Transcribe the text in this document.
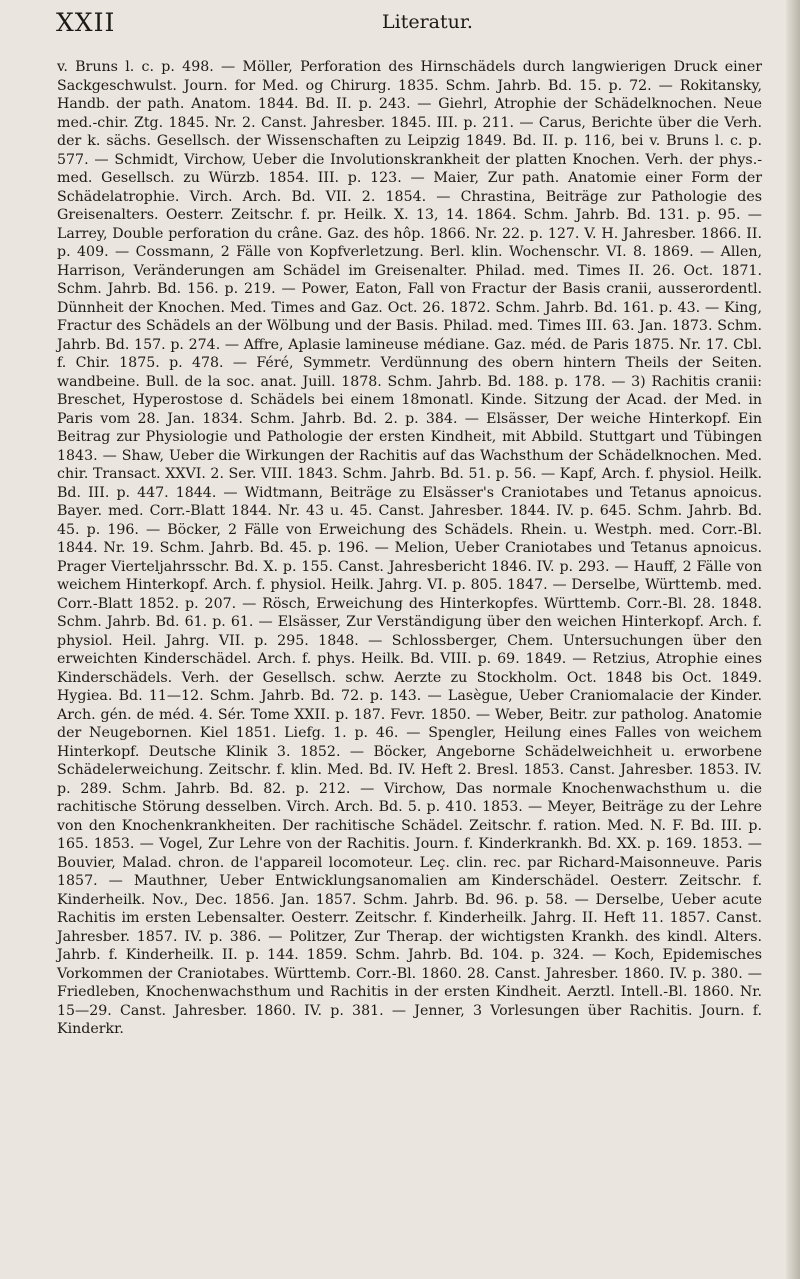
XXII	Literatur.

v. Bruns l. c. p. 498. — Möller, Perforation des Hirnschädels durch langwierigen Druck einer Sackgeschwulst. Journ. for Med. og Chirurg. 1835. Schm. Jahrb. Bd. 15. p. 72. — Rokitansky, Handb. der path. Anatom. 1844. Bd. II. p. 243. — Giehrl, Atrophie der Schädelknochen. Neue med.-chir. Ztg. 1845. Nr. 2. Canst. Jahresber. 1845. III. p. 211. — Carus, Berichte über die Verh. der k. sächs. Gesellsch. der Wissenschaften zu Leipzig 1849. Bd. II. p. 116, bei v. Bruns l. c. p. 577. — Schmidt, Virchow, Ueber die Involutionskrankheit der platten Knochen. Verh. der phys.-med. Gesellsch. zu Würzb. 1854. III. p. 123. — Maier, Zur path. Anatomie einer Form der Schädelatrophie. Virch. Arch. Bd. VII. 2. 1854. — Chrastina, Beiträge zur Pathologie des Greisenalters. Oesterr. Zeitschr. f. pr. Heilk. X. 13, 14. 1864. Schm. Jahrb. Bd. 131. p. 95. — Larrey, Double perforation du crâne. Gaz. des hôp. 1866. Nr. 22. p. 127. V. H. Jahresber. 1866. II. p. 409. — Cossmann, 2 Fälle von Kopfverletzung. Berl. klin. Wochenschr. VI. 8. 1869. — Allen, Harrison, Veränderungen am Schädel im Greisenalter. Philad. med. Times II. 26. Oct. 1871. Schm. Jahrb. Bd. 156. p. 219. — Power, Eaton, Fall von Fractur der Basis cranii, ausserordentl. Dünnheit der Knochen. Med. Times and Gaz. Oct. 26. 1872. Schm. Jahrb. Bd. 161. p. 43. — King, Fractur des Schädels an der Wölbung und der Basis. Philad. med. Times III. 63. Jan. 1873. Schm. Jahrb. Bd. 157. p. 274. — Affre, Aplasie lamineuse médiane. Gaz. méd. de Paris 1875. Nr. 17. Cbl. f. Chir. 1875. p. 478. — Féré, Symmetr. Verdünnung des obern hintern Theils der Seiten. wandbeine. Bull. de la soc. anat. Juill. 1878. Schm. Jahrb. Bd. 188. p. 178. — 3) Rachitis cranii: Breschet, Hyperostose d. Schädels bei einem 18monatl. Kinde. Sitzung der Acad. der Med. in Paris vom 28. Jan. 1834. Schm. Jahrb. Bd. 2. p. 384. — Elsässer, Der weiche Hinterkopf. Ein Beitrag zur Physiologie und Pathologie der ersten Kindheit, mit Abbild. Stuttgart und Tübingen 1843. — Shaw, Ueber die Wirkungen der Rachitis auf das Wachsthum der Schädelknochen. Med. chir. Transact. XXVI. 2. Ser. VIII. 1843. Schm. Jahrb. Bd. 51. p. 56. — Kapf, Arch. f. physiol. Heilk. Bd. III. p. 447. 1844. — Widtmann, Beiträge zu Elsässer's Craniotabes und Tetanus apnoicus. Bayer. med. Corr.-Blatt 1844. Nr. 43 u. 45. Canst. Jahresber. 1844. IV. p. 645. Schm. Jahrb. Bd. 45. p. 196. — Böcker, 2 Fälle von Erweichung des Schädels. Rhein. u. Westph. med. Corr.-Bl. 1844. Nr. 19. Schm. Jahrb. Bd. 45. p. 196. — Melion, Ueber Craniotabes und Tetanus apnoicus. Prager Vierteljahrsschr. Bd. X. p. 155. Canst. Jahresbericht 1846. IV. p. 293. — Hauff, 2 Fälle von weichem Hinterkopf. Arch. f. physiol. Heilk. Jahrg. VI. p. 805. 1847. — Derselbe, Württemb. med. Corr.-Blatt 1852. p. 207. — Rösch, Erweichung des Hinterkopfes. Württemb. Corr.-Bl. 28. 1848. Schm. Jahrb. Bd. 61. p. 61. — Elsässer, Zur Verständigung über den weichen Hinterkopf. Arch. f. physiol. Heil. Jahrg. VII. p. 295. 1848. — Schlossberger, Chem. Untersuchungen über den erweichten Kinderschädel. Arch. f. phys. Heilk. Bd. VIII. p. 69. 1849. — Retzius, Atrophie eines Kinderschädels. Verh. der Gesellsch. schw. Aerzte zu Stockholm. Oct. 1848 bis Oct. 1849. Hygiea. Bd. 11—12. Schm. Jahrb. Bd. 72. p. 143. — Lasègue, Ueber Craniomalacie der Kinder. Arch. gén. de méd. 4. Sér. Tome XXII. p. 187. Fevr. 1850. — Weber, Beitr. zur patholog. Anatomie der Neugebornen. Kiel 1851. Liefg. 1. p. 46. — Spengler, Heilung eines Falles von weichem Hinterkopf. Deutsche Klinik 3. 1852. — Böcker, Angeborne Schädelweichheit u. erworbene Schädelerweichung. Zeitschr. f. klin. Med. Bd. IV. Heft 2. Bresl. 1853. Canst. Jahresber. 1853. IV. p. 289. Schm. Jahrb. Bd. 82. p. 212. — Virchow, Das normale Knochenwachsthum u. die rachitische Störung desselben. Virch. Arch. Bd. 5. p. 410. 1853. — Meyer, Beiträge zu der Lehre von den Knochenkrankheiten. Der rachitische Schädel. Zeitschr. f. ration. Med. N. F. Bd. III. p. 165. 1853. — Vogel, Zur Lehre von der Rachitis. Journ. f. Kinderkrankh. Bd. XX. p. 169. 1853. — Bouvier, Malad. chron. de l'appareil locomoteur. Leç. clin. rec. par Richard-Maisonneuve. Paris 1857. — Mauthner, Ueber Entwicklungsanomalien am Kinderschädel. Oesterr. Zeitschr. f. Kinderheilk. Nov., Dec. 1856. Jan. 1857. Schm. Jahrb. Bd. 96. p. 58. — Derselbe, Ueber acute Rachitis im ersten Lebensalter. Oesterr. Zeitschr. f. Kinderheilk. Jahrg. II. Heft 11. 1857. Canst. Jahresber. 1857. IV. p. 386. — Politzer, Zur Therap. der wichtigsten Krankh. des kindl. Alters. Jahrb. f. Kinderheilk. II. p. 144. 1859. Schm. Jahrb. Bd. 104. p. 324. — Koch, Epidemisches Vorkommen der Craniotabes. Württemb. Corr.-Bl. 1860. 28. Canst. Jahresber. 1860. IV. p. 380. — Friedleben, Knochenwachsthum und Rachitis in der ersten Kindheit. Aerztl. Intell.-Bl. 1860. Nr. 15—29. Canst. Jahresber. 1860. IV. p. 381. — Jenner, 3 Vorlesungen über Rachitis. Journ. f. Kinderkr.
